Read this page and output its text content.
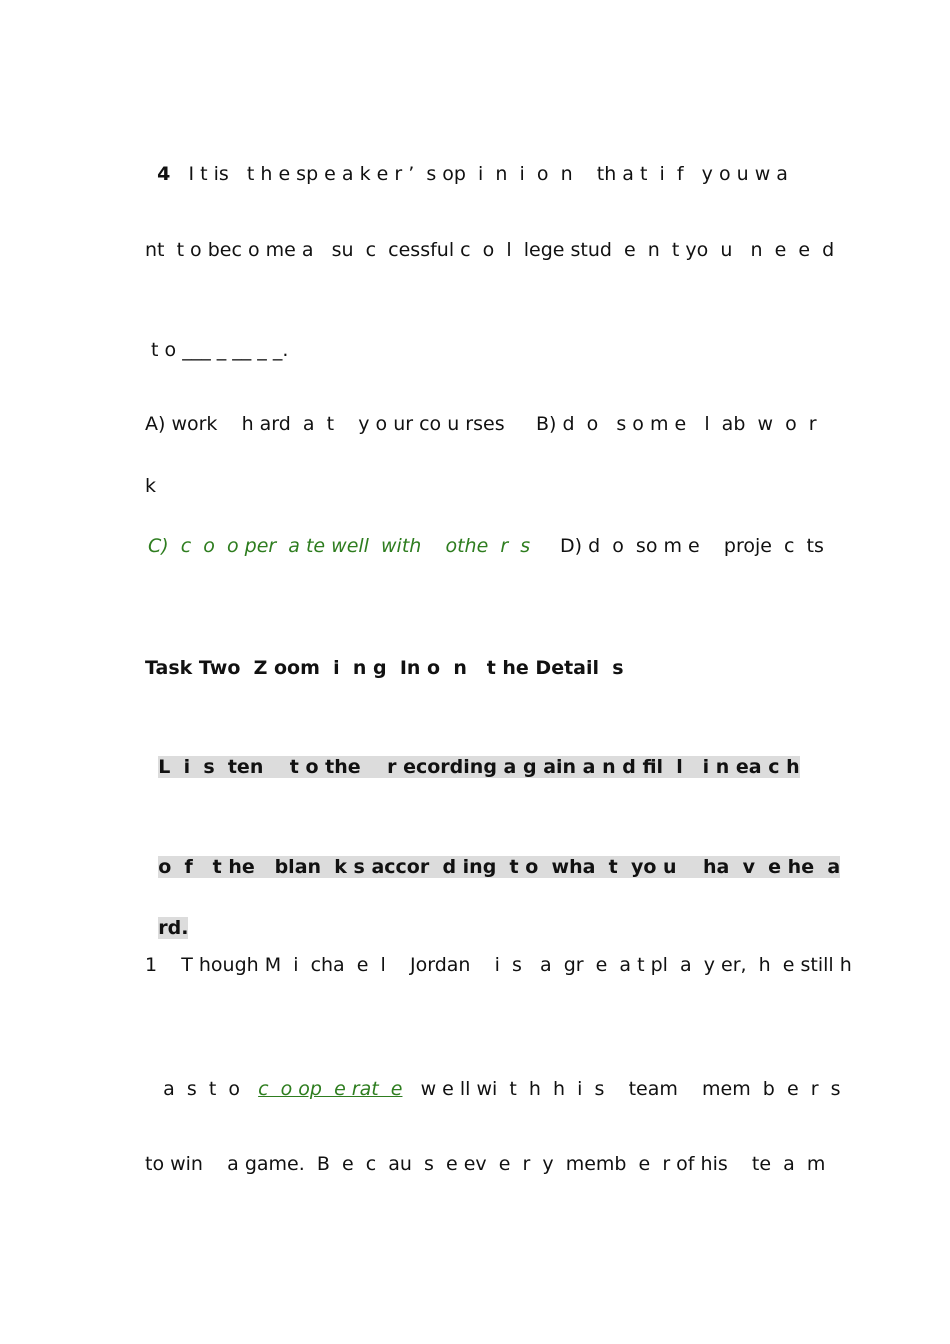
4 I t is   t h e sp e a k e r ’  s op  i  n  i  o  n    th a t  i  f   y o u w a

nt  t o bec o me a   su  c  cessful c  o  l  lege stud  e  n  t yo  u   n  e  e  d
t o ___ _ __ _ _.
A) work    h ard  a  t    y o ur co u rses B) d  o   s o m e   l  ab  w  o  r
k
C)  c  o  o per  a te well  with    othe  r  s D) d  o  so m e    proje  c  ts
Task Two  Z oom  i  n g  In o  n   t he Detail  s

L  i  s  ten    t o the    r ecording a g ain a n d fil  l   i n ea c h

o  f   t he   blan  k s accor  d ing  t o  wha  t  yo u    ha  v  e he  a

rd.

1    T hough M  i  cha  e  l    Jordan    i  s   a  gr  e  a t pl  a  y er,  h  e still h

a  s  t  o   c  o op  e rat  e   w e ll wi  t  h  h  i  s    team    mem  b  e  r  s

to win    a game.  B  e  c  au  s  e ev  e  r  y  memb  e  r of his    te  a  m
